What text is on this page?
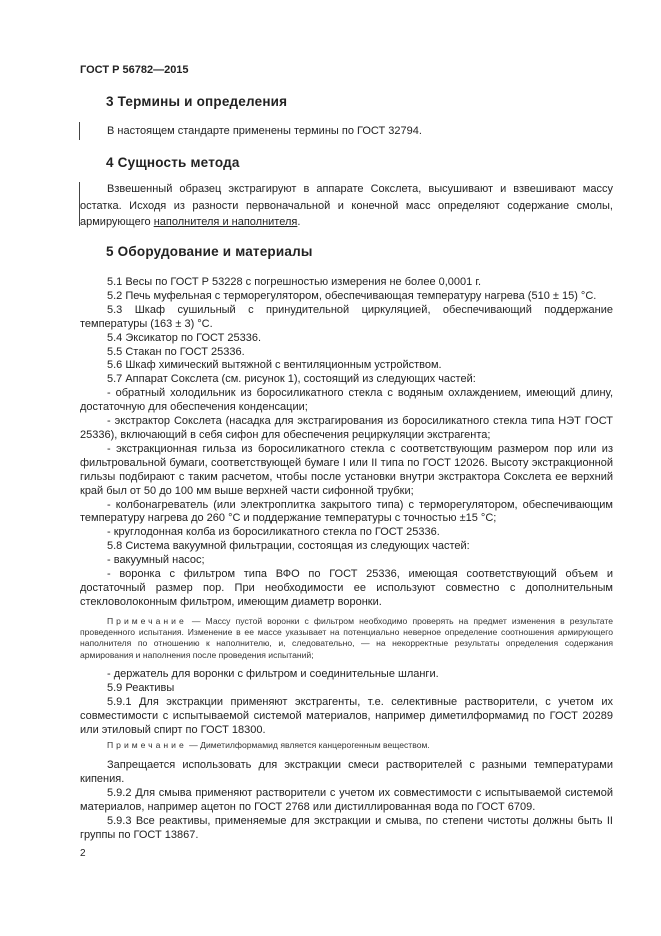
ГОСТ Р 56782—2015
3 Термины и определения

В настоящем стандарте применены термины по ГОСТ 32794.

4 Сущность метода

Взвешенный образец экстрагируют в аппарате Сокслета, высушивают и взвешивают массу остатка. Исходя из разности первоначальной и конечной масс определяют содержание смолы, армирующего наполнителя и наполнителя.

5 Оборудование и материалы

5.1 Весы по ГОСТ Р 53228 с погрешностью измерения не более 0,0001 г.

5.2 Печь муфельная с терморегулятором, обеспечивающая температуру нагрева (510 ± 15) °С.

5.3 Шкаф сушильный с принудительной циркуляцией, обеспечивающий поддержание температуры (163 ± 3) °С.

5.4 Эксикатор по ГОСТ 25336.

5.5 Стакан по ГОСТ 25336.

5.6 Шкаф химический вытяжной с вентиляционным устройством.

5.7 Аппарат Сокслета (см. рисунок 1), состоящий из следующих частей:

- обратный холодильник из боросиликатного стекла с водяным охлаждением, имеющий длину, достаточную для обеспечения конденсации;

- экстрактор Сокслета (насадка для экстрагирования из боросиликатного стекла типа НЭТ ГОСТ 25336), включающий в себя сифон для обеспечения рециркуляции экстрагента;

- экстракционная гильза из боросиликатного стекла с соответствующим размером пор или из фильтровальной бумаги, соответствующей бумаге I или II типа по ГОСТ 12026. Высоту экстракционной гильзы подбирают с таким расчетом, чтобы после установки внутри экстрактора Сокслета ее верхний край был от 50 до 100 мм выше верхней части сифонной трубки;

- колбонагреватель (или электроплитка закрытого типа) с терморегулятором, обеспечивающим температуру нагрева до 260 °С и поддержание температуры с точностью ±15 °С;

- круглодонная колба из боросиликатного стекла по ГОСТ 25336.

5.8 Система вакуумной фильтрации, состоящая из следующих частей:

- вакуумный насос;

- воронка с фильтром типа ВФО по ГОСТ 25336, имеющая соответствующий объем и достаточный размер пор. При необходимости ее используют совместно с дополнительным стекловолоконным фильтром, имеющим диаметр воронки.

Примечание — Массу пустой воронки с фильтром необходимо проверять на предмет изменения в результате проведенного испытания. Изменение в ее массе указывает на потенциально неверное определение соотношения армирующего наполнителя по отношению к наполнителю, и, следовательно, — на некорректные результаты определения содержания армирования и наполнения после проведения испытаний;

- держатель для воронки с фильтром и соединительные шланги.

5.9 Реактивы

5.9.1 Для экстракции применяют экстрагенты, т.е. селективные растворители, с учетом их совместимости с испытываемой системой материалов, например диметилформамид по ГОСТ 20289 или этиловый спирт по ГОСТ 18300.

Примечание — Диметилформамид является канцерогенным веществом.

Запрещается использовать для экстракции смеси растворителей с разными температурами кипения.

5.9.2 Для смыва применяют растворители с учетом их совместимости с испытываемой системой материалов, например ацетон по ГОСТ 2768 или дистиллированная вода по ГОСТ 6709.

5.9.3 Все реактивы, применяемые для экстракции и смыва, по степени чистоты должны быть II группы по ГОСТ 13867.

2
